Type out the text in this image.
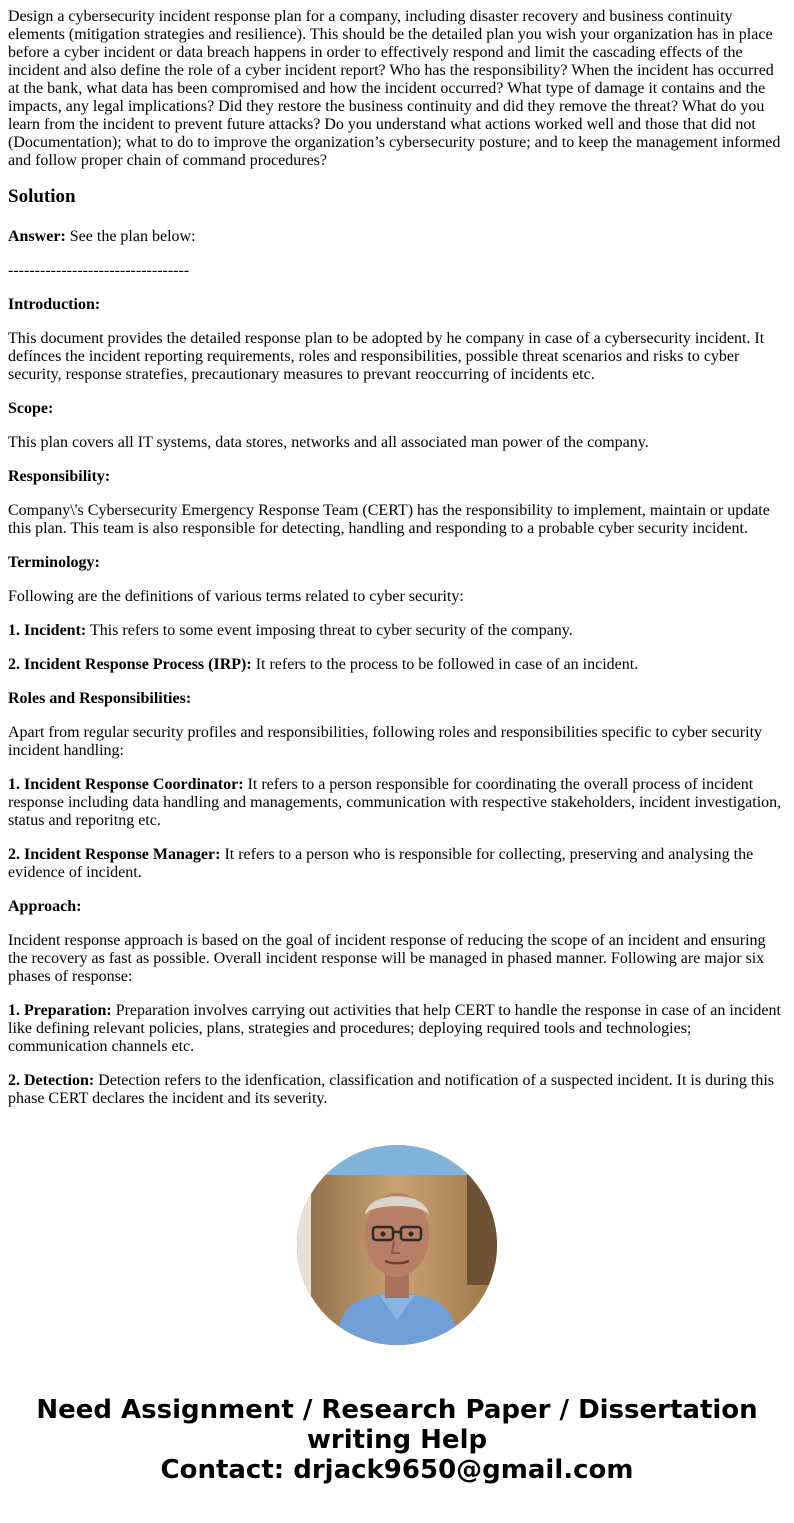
Design a cybersecurity incident response plan for a company, including disaster recovery and business continuity elements (mitigation strategies and resilience). This should be the detailed plan you wish your organization has in place before a cyber incident or data breach happens in order to effectively respond and limit the cascading effects of the incident and also define the role of a cyber incident report? Who has the responsibility? When the incident has occurred at the bank, what data has been compromised and how the incident occurred? What type of damage it contains and the impacts, any legal implications? Did they restore the business continuity and did they remove the threat? What do you learn from the incident to prevent future attacks? Do you understand what actions worked well and those that did not (Documentation); what to do to improve the organization’s cybersecurity posture; and to keep the management informed and follow proper chain of command procedures?

Solution

Answer: See the plan below:

----------------------------------

Introduction:

This document provides the detailed response plan to be adopted by he company in case of a cybersecurity incident. It defínces the incident reporting requirements, roles and responsibilities, possible threat scenarios and risks to cyber security, response stratefies, precautionary measures to prevant reoccurring of incidents etc.

Scope:

This plan covers all IT systems, data stores, networks and all associated man power of the company.

Responsibility:

Company\'s Cybersecurity Emergency Response Team (CERT) has the responsibility to implement, maintain or update this plan. This team is also responsible for detecting, handling and responding to a probable cyber security incident.

Terminology:

Following are the definitions of various terms related to cyber security:

1. Incident: This refers to some event imposing threat to cyber security of the company.

2. Incident Response Process (IRP): It refers to the process to be followed in case of an incident.

Roles and Responsibilities:

Apart from regular security profiles and responsibilities, following roles and responsibilities specific to cyber security incident handling:

1. Incident Response Coordinator: It refers to a person responsible for coordinating the overall process of incident response including data handling and managements, communication with respective stakeholders, incident investigation, status and reporitng etc.

2. Incident Response Manager: It refers to a person who is responsible for collecting, preserving and analysing the evidence of incident.

Approach:

Incident response approach is based on the goal of incident response of reducing the scope of an incident and ensuring the recovery as fast as possible. Overall incident response will be managed in phased manner. Following are major six phases of response:

1. Preparation: Preparation involves carrying out activities that help CERT to handle the response in case of an incident like defining relevant policies, plans, strategies and procedures; deploying required tools and technologies; communication channels etc.

2. Detection: Detection refers to the idenfication, classification and notification of a suspected incident. It is during this phase CERT declares the incident and its severity.

Need Assignment / Research Paper / Dissertation writing Help
Contact: drjack9650@gmail.com
